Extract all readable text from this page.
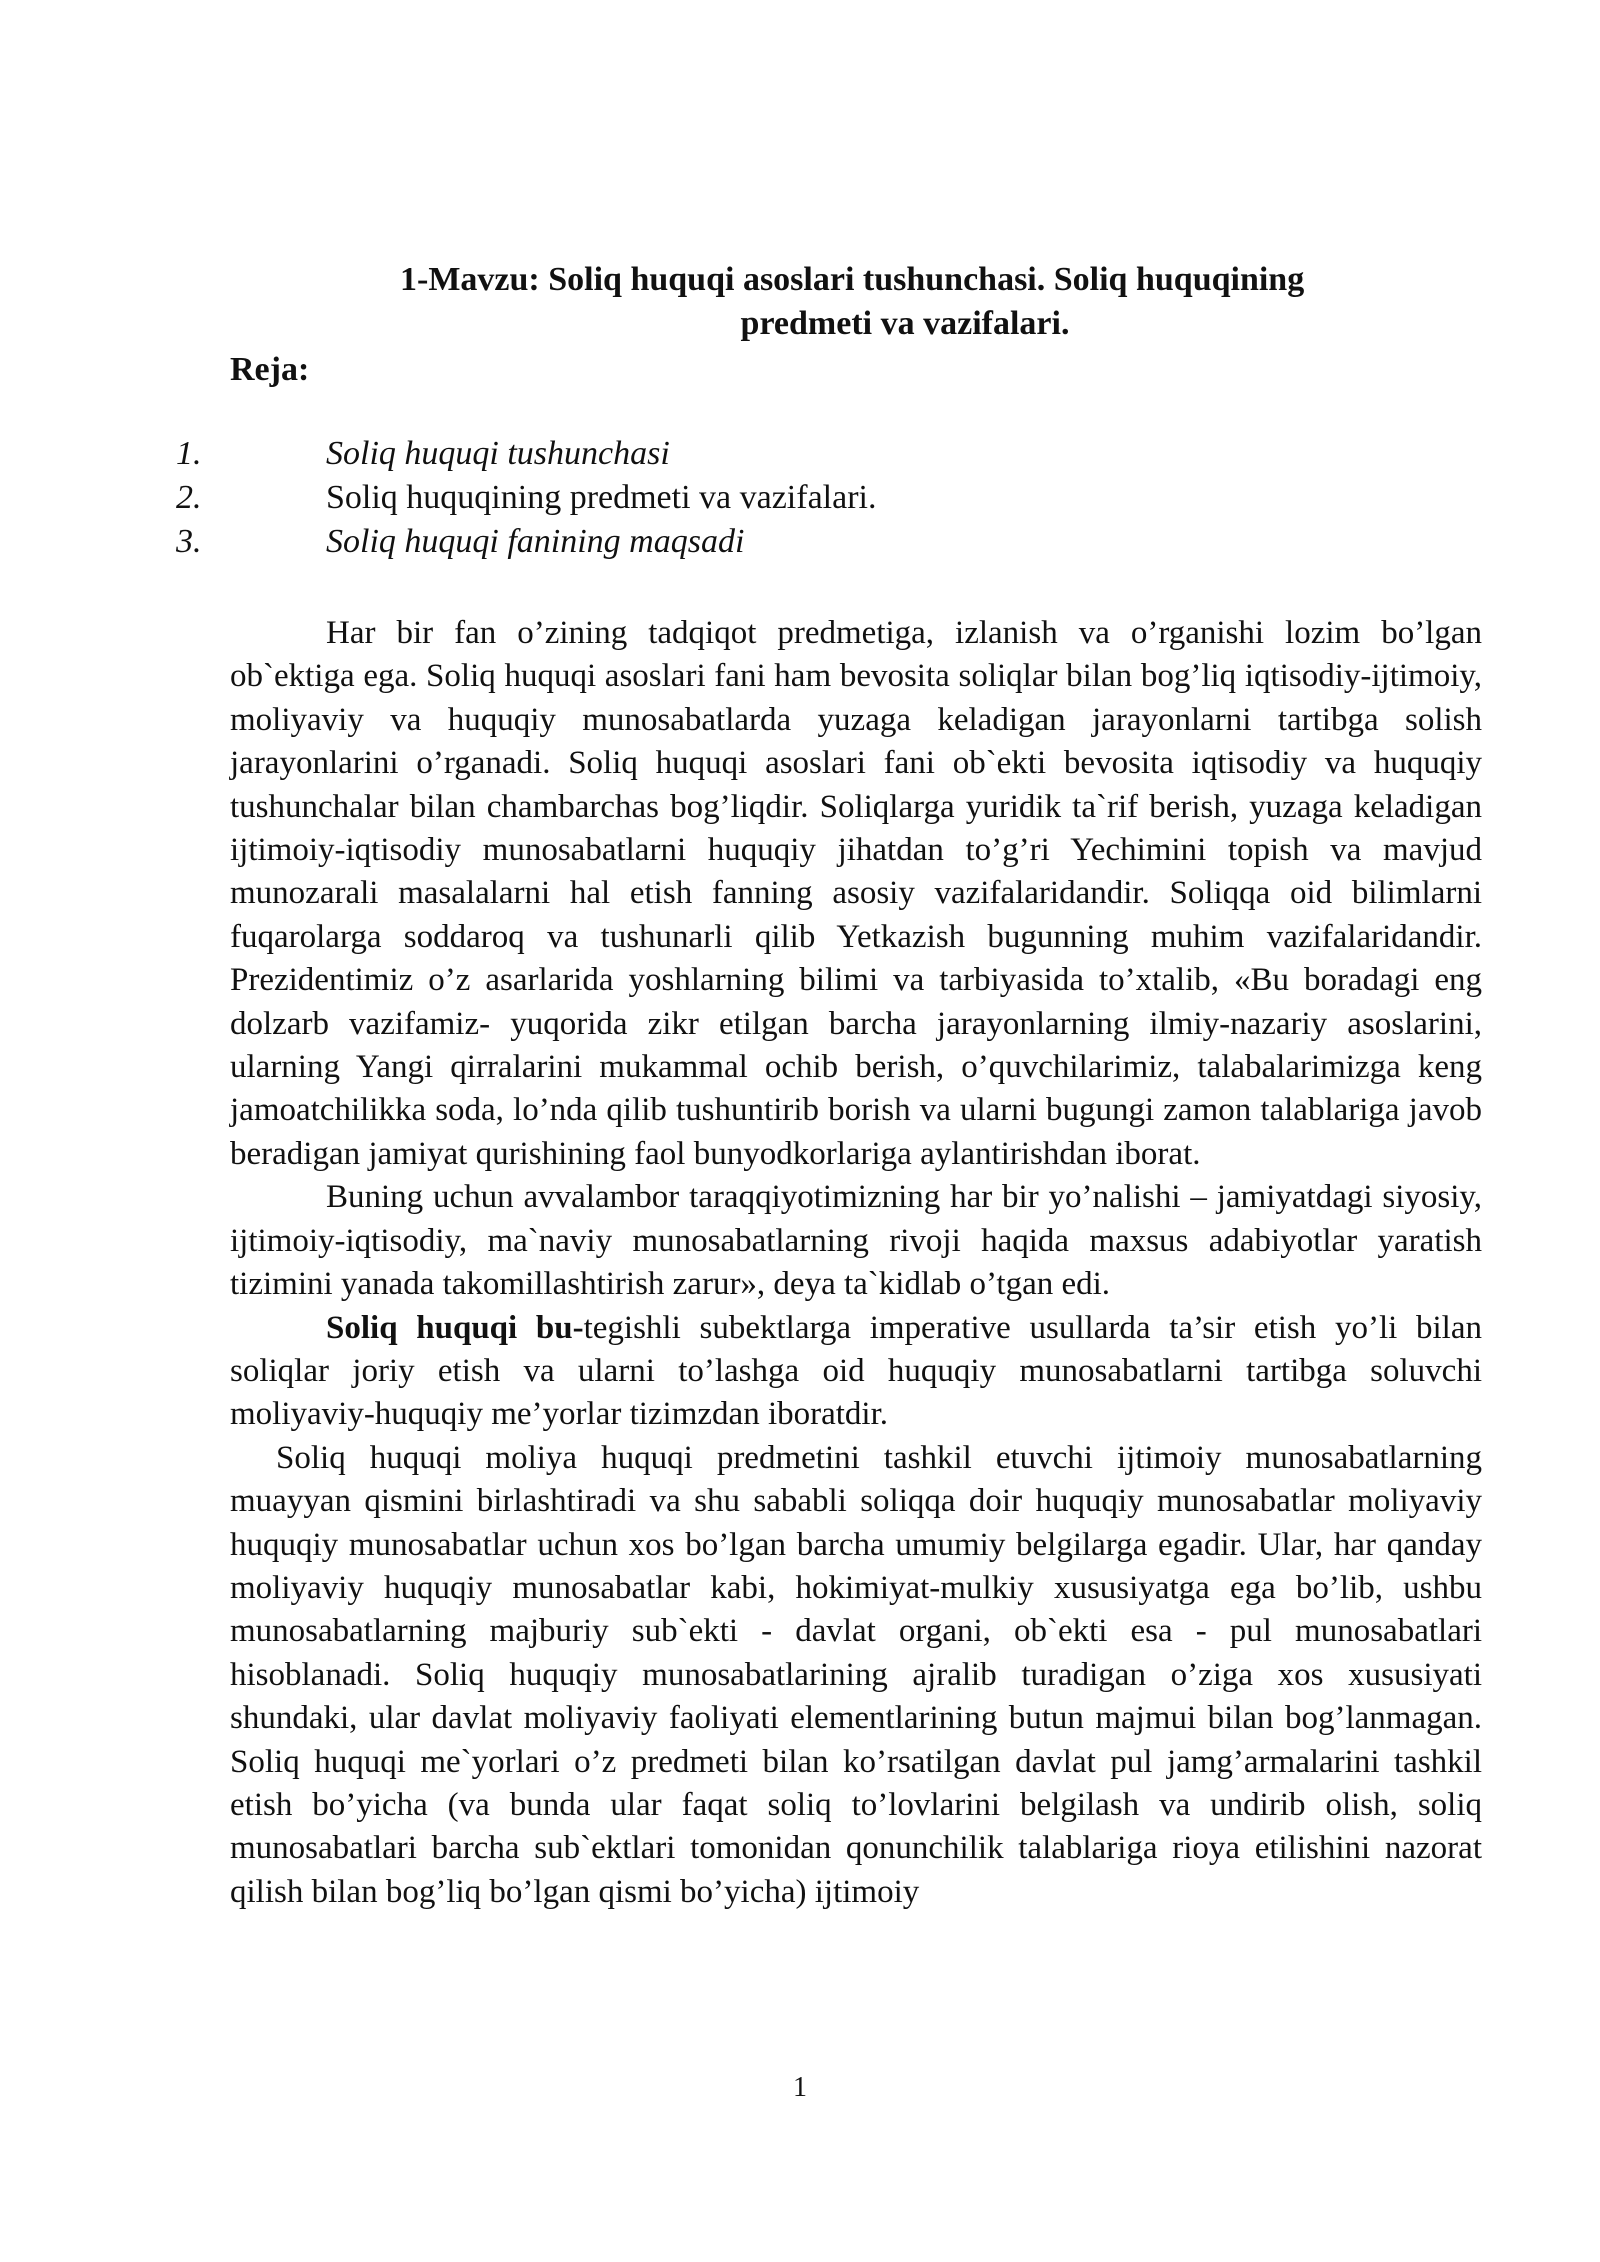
1-Mavzu: Soliq huquqi asoslari tushunchasi. Soliq huquqining
predmeti va vazifalari.
Reja:
1.	Soliq huquqi tushunchasi
2.	Soliq huquqining predmeti va vazifalari.
3.	Soliq huquqi fanining maqsadi

Har bir fan o’zining tadqiqot predmetiga, izlanish va o’rganishi lozim bo’lgan ob`ektiga ega. Soliq huquqi asoslari fani ham bevosita soliqlar bilan bog’liq iqtisodiy-ijtimoiy, moliyaviy va huquqiy munosabatlarda yuzaga keladigan jarayonlarni tartibga solish jarayonlarini o’rganadi. Soliq huquqi asoslari fani ob`ekti bevosita iqtisodiy va huquqiy tushunchalar bilan chambarchas bog’liqdir. Soliqlarga yuridik ta`rif berish, yuzaga keladigan ijtimoiy-iqtisodiy munosabatlarni huquqiy jihatdan to’g’ri Yechimini topish va mavjud munozarali masalalarni hal etish fanning asosiy vazifalaridandir. Soliqqa oid bilimlarni fuqarolarga soddaroq va tushunarli qilib Yetkazish bugunning muhim vazifalaridandir. Prezidentimiz o’z asarlarida yoshlarning bilimi va tarbiyasida to’xtalib, «Bu boradagi eng dolzarb vazifamiz- yuqorida zikr etilgan barcha jarayonlarning ilmiy-nazariy asoslarini, ularning Yangi qirralarini mukammal ochib berish, o’quvchilarimiz, talabalarimizga keng jamoatchilikka soda, lo’nda qilib tushuntirib borish va ularni bugungi zamon talablariga javob beradigan jamiyat qurishining faol bunyodkorlariga aylantirishdan iborat.

Buning uchun avvalambor taraqqiyotimizning har bir yo’nalishi – jamiyatdagi siyosiy, ijtimoiy-iqtisodiy, ma`naviy munosabatlarning rivoji haqida maxsus adabiyotlar yaratish tizimini yanada takomillashtirish zarur», deya ta`kidlab o’tgan edi.

Soliq huquqi bu-tegishli subektlarga imperative usullarda ta’sir etish yo’li bilan soliqlar joriy etish va ularni to’lashga oid huquqiy munosabatlarni tartibga soluvchi moliyaviy-huquqiy me’yorlar tizimzdan iboratdir.

Soliq huquqi moliya huquqi predmetini tashkil etuvchi ijtimoiy munosabatlarning muayyan qismini birlashtiradi va shu sababli soliqqa doir huquqiy munosabatlar moliyaviy huquqiy munosabatlar uchun xos bo’lgan barcha umumiy belgilarga egadir. Ular, har qanday moliyaviy huquqiy munosabatlar kabi, hokimiyat-mulkiy xususiyatga ega bo’lib, ushbu munosabatlarning majburiy sub`ekti - davlat organi, ob`ekti esa - pul munosabatlari hisoblanadi. Soliq huquqiy munosabatlarining ajralib turadigan o’ziga xos xususiyati shundaki, ular davlat moliyaviy faoliyati elementlarining butun majmui bilan bog’lanmagan. Soliq huquqi me`yorlari o’z predmeti bilan ko’rsatilgan davlat pul jamg’armalarini tashkil etish bo’yicha (va bunda ular faqat soliq to’lovlarini belgilash va undirib olish, soliq munosabatlari barcha sub`ektlari tomonidan qonunchilik talablariga rioya etilishini nazorat qilish bilan bog’liq bo’lgan qismi bo’yicha) ijtimoiy

1
